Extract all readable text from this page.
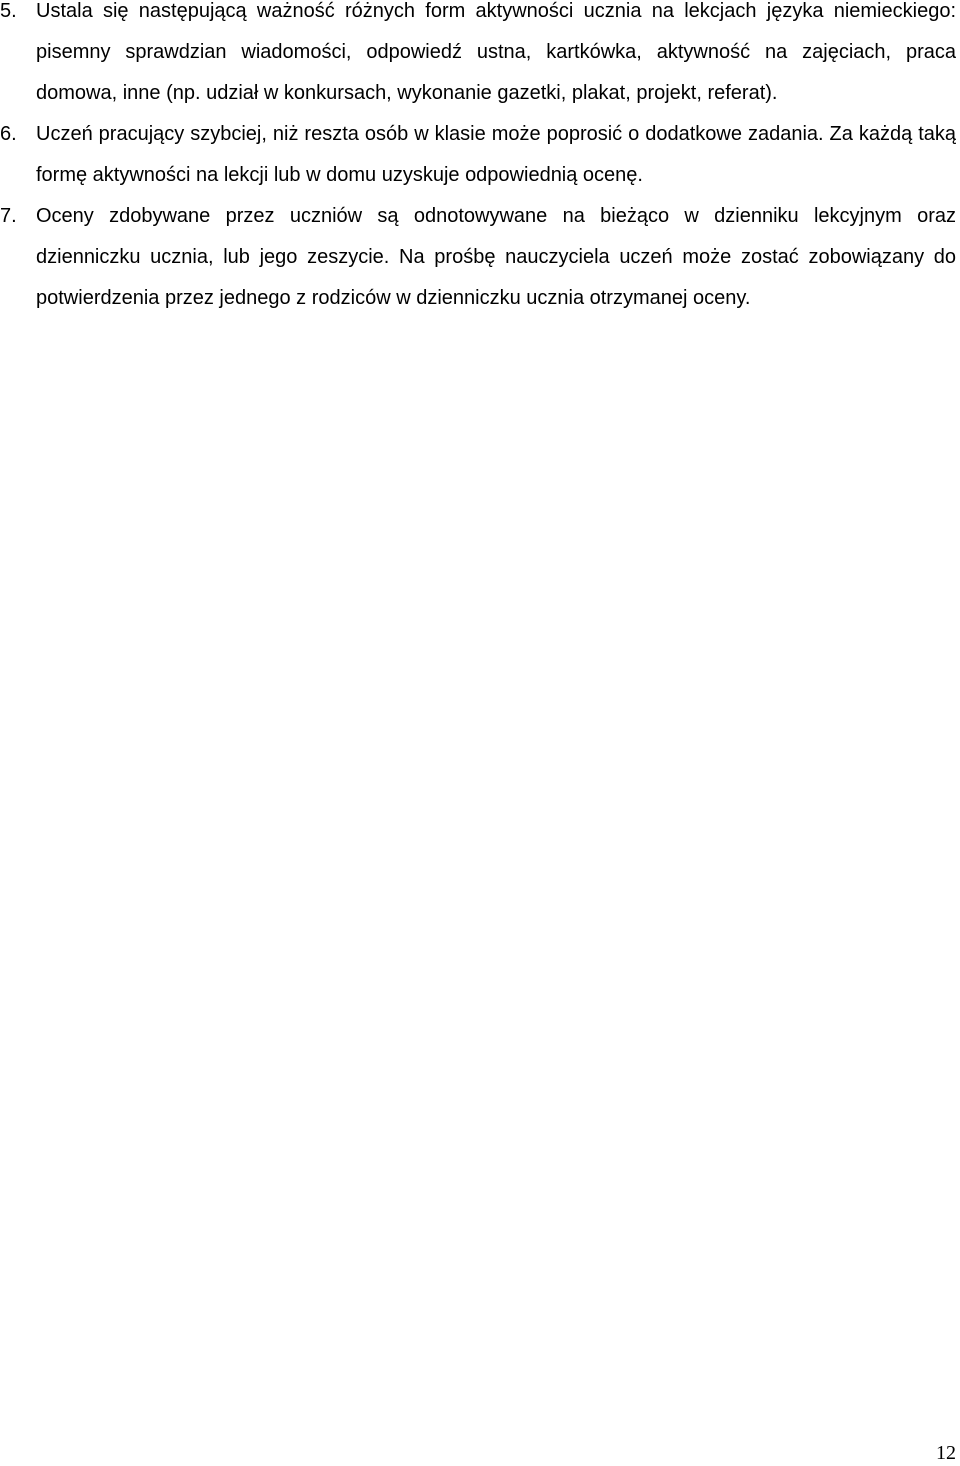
5. Ustala się następującą ważność różnych form aktywności ucznia na lekcjach języka niemieckiego: pisemny sprawdzian wiadomości, odpowiedź ustna, kartkówka, aktywność na zajęciach, praca domowa, inne (np. udział w konkursach, wykonanie gazetki, plakat, projekt, referat).
6. Uczeń pracujący szybciej, niż reszta osób w klasie może poprosić o dodatkowe zadania. Za każdą taką formę aktywności na lekcji lub w domu uzyskuje odpowiednią ocenę.
7. Oceny zdobywane przez uczniów są odnotowywane na bieżąco w dzienniku lekcyjnym oraz dzienniczku ucznia, lub jego zeszycie. Na prośbę nauczyciela uczeń może zostać zobowiązany do potwierdzenia przez jednego z rodziców w dzienniczku ucznia otrzymanej oceny.
12
